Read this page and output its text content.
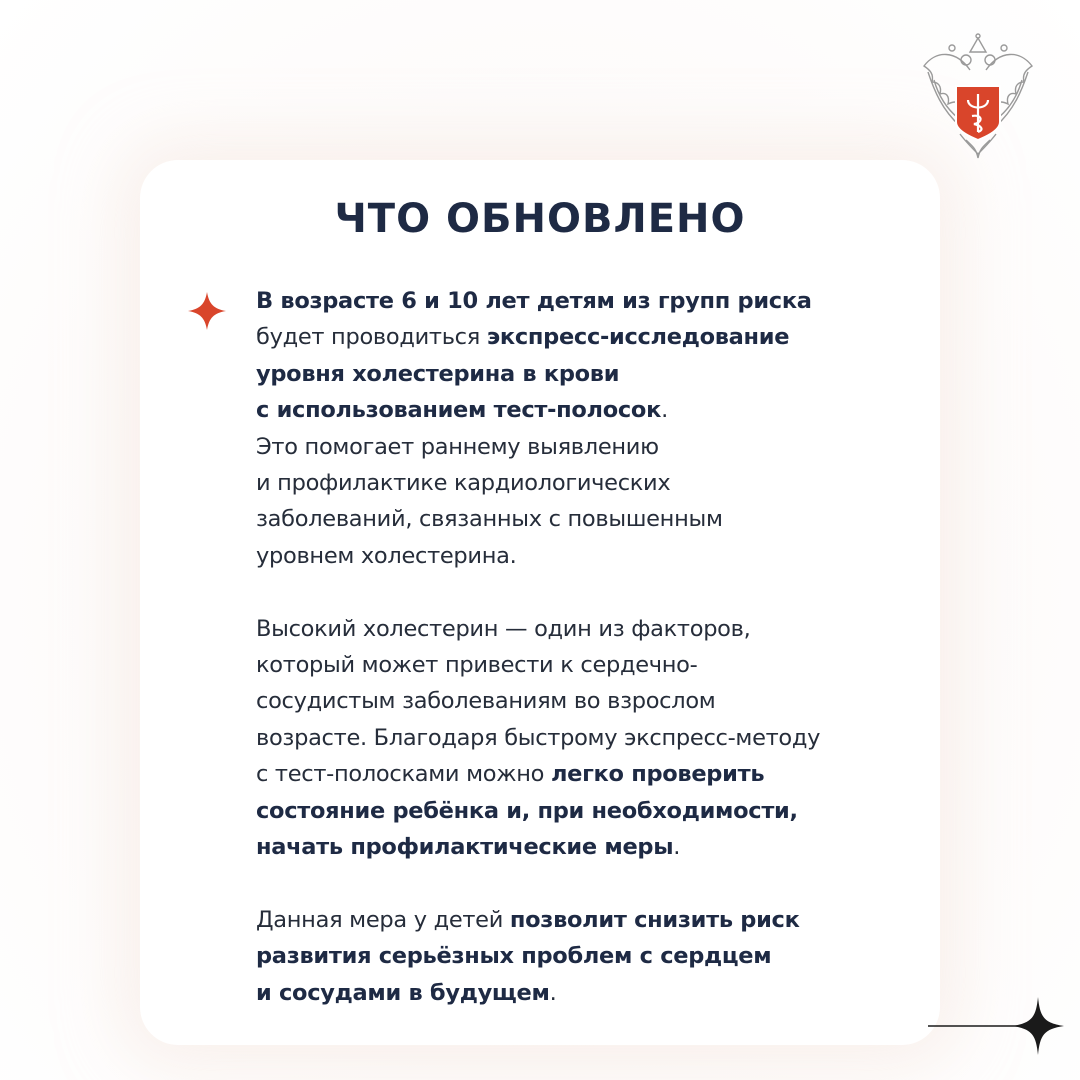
ЧТО ОБНОВЛЕНО
В возрасте 6 и 10 лет детям из групп риска
будет проводиться экспресс-исследование
уровня холестерина в крови
с использованием тест-полосок.
Это помогает раннему выявлению
и профилактике кардиологических
заболеваний, связанных с повышенным
уровнем холестерина.
Высокий холестерин — один из факторов,
который может привести к сердечно-
сосудистым заболеваниям во взрослом
возрасте. Благодаря быстрому экспресс-методу
с тест-полосками можно легко проверить
состояние ребёнка и, при необходимости,
начать профилактические меры.
Данная мера у детей позволит снизить риск
развития серьёзных проблем с сердцем
и сосудами в будущем.
